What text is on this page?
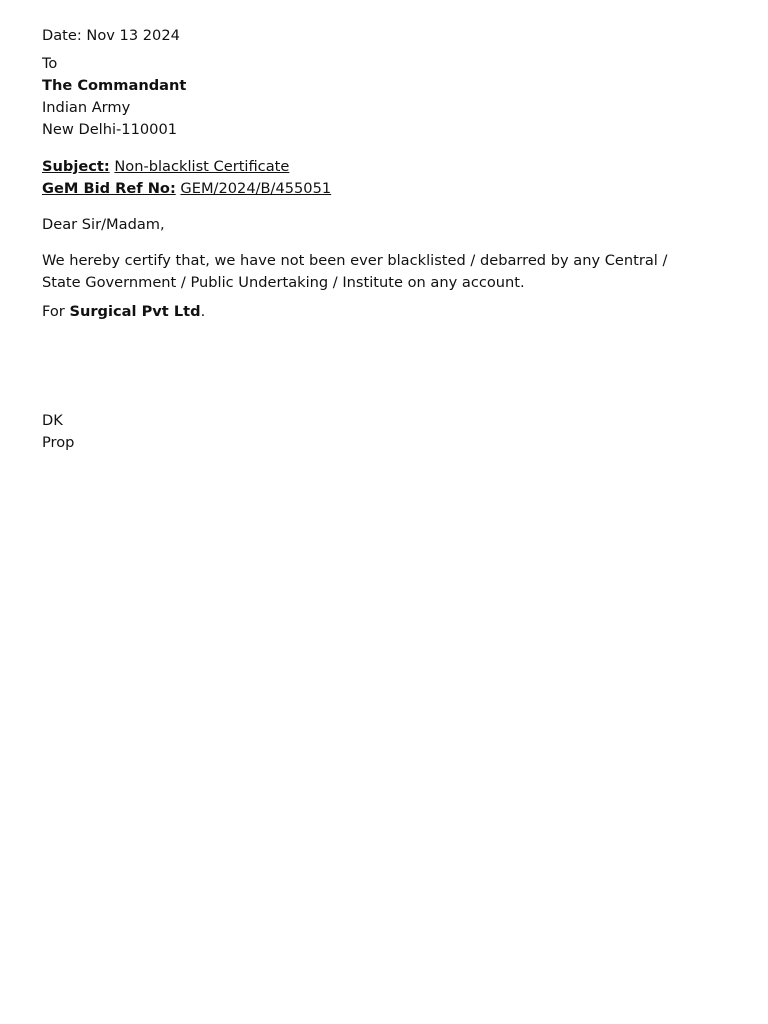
Date: Nov 13 2024
To
The Commandant
Indian Army
New Delhi-110001
Subject: Non-blacklist Certificate
GeM Bid Ref No: GEM/2024/B/455051
Dear Sir/Madam,
We hereby certify that, we have not been ever blacklisted / debarred by any Central / State Government / Public Undertaking / Institute on any account.
For Surgical Pvt Ltd.
DK
Prop
